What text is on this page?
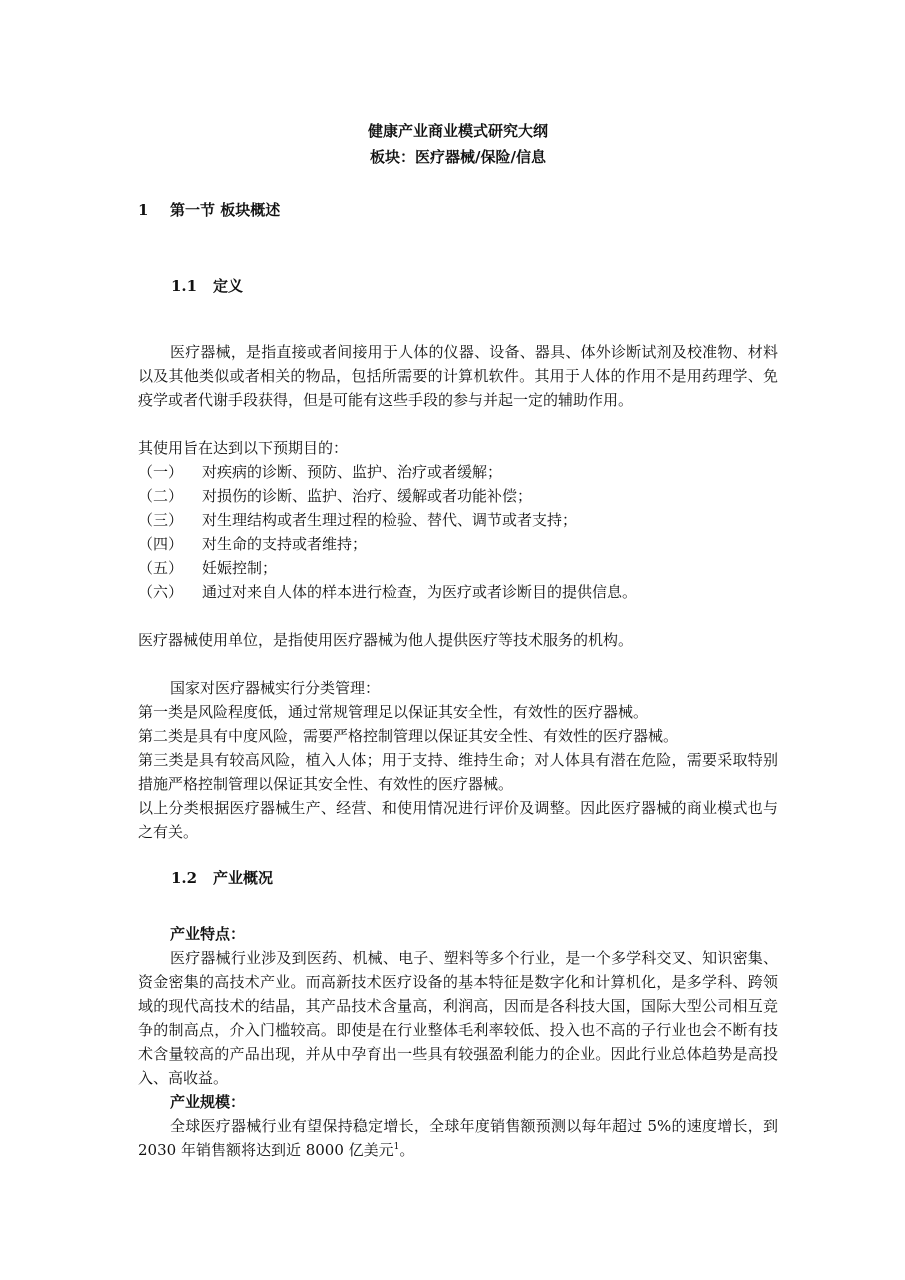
健康产业商业模式研究大纲

板块：医疗器械/保险/信息

1	第一节 板块概述
1.1	定义

医疗器械，是指直接或者间接用于人体的仪器、设备、器具、体外诊断试剂及校准物、材料以及其他类似或者相关的物品，包括所需要的计算机软件。其用于人体的作用不是用药理学、免疫学或者代谢手段获得，但是可能有这些手段的参与并起一定的辅助作用。

其使用旨在达到以下预期目的：

（一）	对疾病的诊断、预防、监护、治疗或者缓解；
（二）	对损伤的诊断、监护、治疗、缓解或者功能补偿；
（三）	对生理结构或者生理过程的检验、替代、调节或者支持；
（四）	对生命的支持或者维持；
（五）	妊娠控制；
（六）	通过对来自人体的样本进行检查，为医疗或者诊断目的提供信息。

医疗器械使用单位，是指使用医疗器械为他人提供医疗等技术服务的机构。

国家对医疗器械实行分类管理：

第一类是风险程度低，通过常规管理足以保证其安全性，有效性的医疗器械。

第二类是具有中度风险，需要严格控制管理以保证其安全性、有效性的医疗器械。

第三类是具有较高风险，植入人体；用于支持、维持生命；对人体具有潜在危险，需要采取特别措施严格控制管理以保证其安全性、有效性的医疗器械。

以上分类根据医疗器械生产、经营、和使用情况进行评价及调整。因此医疗器械的商业模式也与之有关。

1.2	产业概况

产业特点：

医疗器械行业涉及到医药、机械、电子、塑料等多个行业，是一个多学科交叉、知识密集、资金密集的高技术产业。而高新技术医疗设备的基本特征是数字化和计算机化，是多学科、跨领域的现代高技术的结晶，其产品技术含量高，利润高，因而是各科技大国，国际大型公司相互竞争的制高点，介入门槛较高。即使是在行业整体毛利率较低、投入也不高的子行业也会不断有技术含量较高的产品出现，并从中孕育出一些具有较强盈利能力的企业。因此行业总体趋势是高投入、高收益。

产业规模：

全球医疗器械行业有望保持稳定增长，全球年度销售额预测以每年超过 5%的速度增长，到 2030 年销售额将达到近 8000 亿美元$^1$。
